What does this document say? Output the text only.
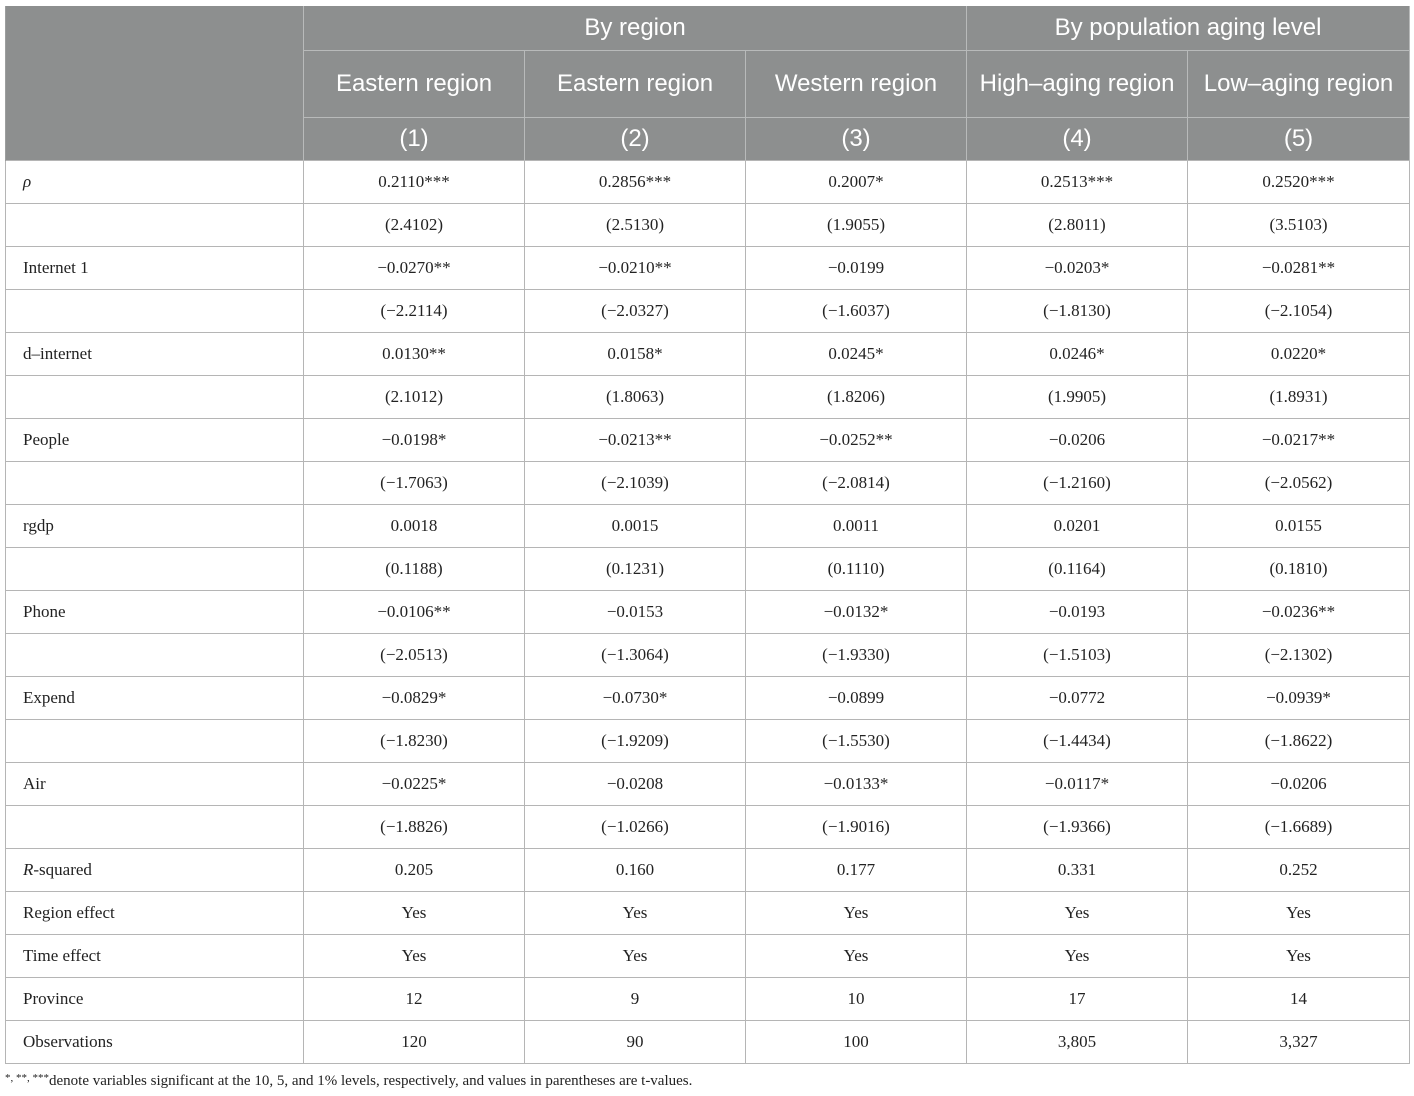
	By region			By population aging level	
	Eastern region	Eastern region	Western region	High–aging region	Low–aging region
	(1)	(2)	(3)	(4)	(5)
ρ	0.2110***	0.2856***	0.2007*	0.2513***	0.2520***
	(2.4102)	(2.5130)	(1.9055)	(2.8011)	(3.5103)
Internet 1	−0.0270**	−0.0210**	−0.0199	−0.0203*	−0.0281**
	(−2.2114)	(−2.0327)	(−1.6037)	(−1.8130)	(−2.1054)
d–internet	0.0130**	0.0158*	0.0245*	0.0246*	0.0220*
	(2.1012)	(1.8063)	(1.8206)	(1.9905)	(1.8931)
People	−0.0198*	−0.0213**	−0.0252**	−0.0206	−0.0217**
	(−1.7063)	(−2.1039)	(−2.0814)	(−1.2160)	(−2.0562)
rgdp	0.0018	0.0015	0.0011	0.0201	0.0155
	(0.1188)	(0.1231)	(0.1110)	(0.1164)	(0.1810)
Phone	−0.0106**	−0.0153	−0.0132*	−0.0193	−0.0236**
	(−2.0513)	(−1.3064)	(−1.9330)	(−1.5103)	(−2.1302)
Expend	−0.0829*	−0.0730*	−0.0899	−0.0772	−0.0939*
	(−1.8230)	(−1.9209)	(−1.5530)	(−1.4434)	(−1.8622)
Air	−0.0225*	−0.0208	−0.0133*	−0.0117*	−0.0206
	(−1.8826)	(−1.0266)	(−1.9016)	(−1.9366)	(−1.6689)
R-squared	0.205	0.160	0.177	0.331	0.252
Region effect	Yes	Yes	Yes	Yes	Yes
Time effect	Yes	Yes	Yes	Yes	Yes
Province	12	9	10	17	14
Observations	120	90	100	3,805	3,327
*, **, ***denote variables significant at the 10, 5, and 1% levels, respectively, and values in parentheses are t-values.
